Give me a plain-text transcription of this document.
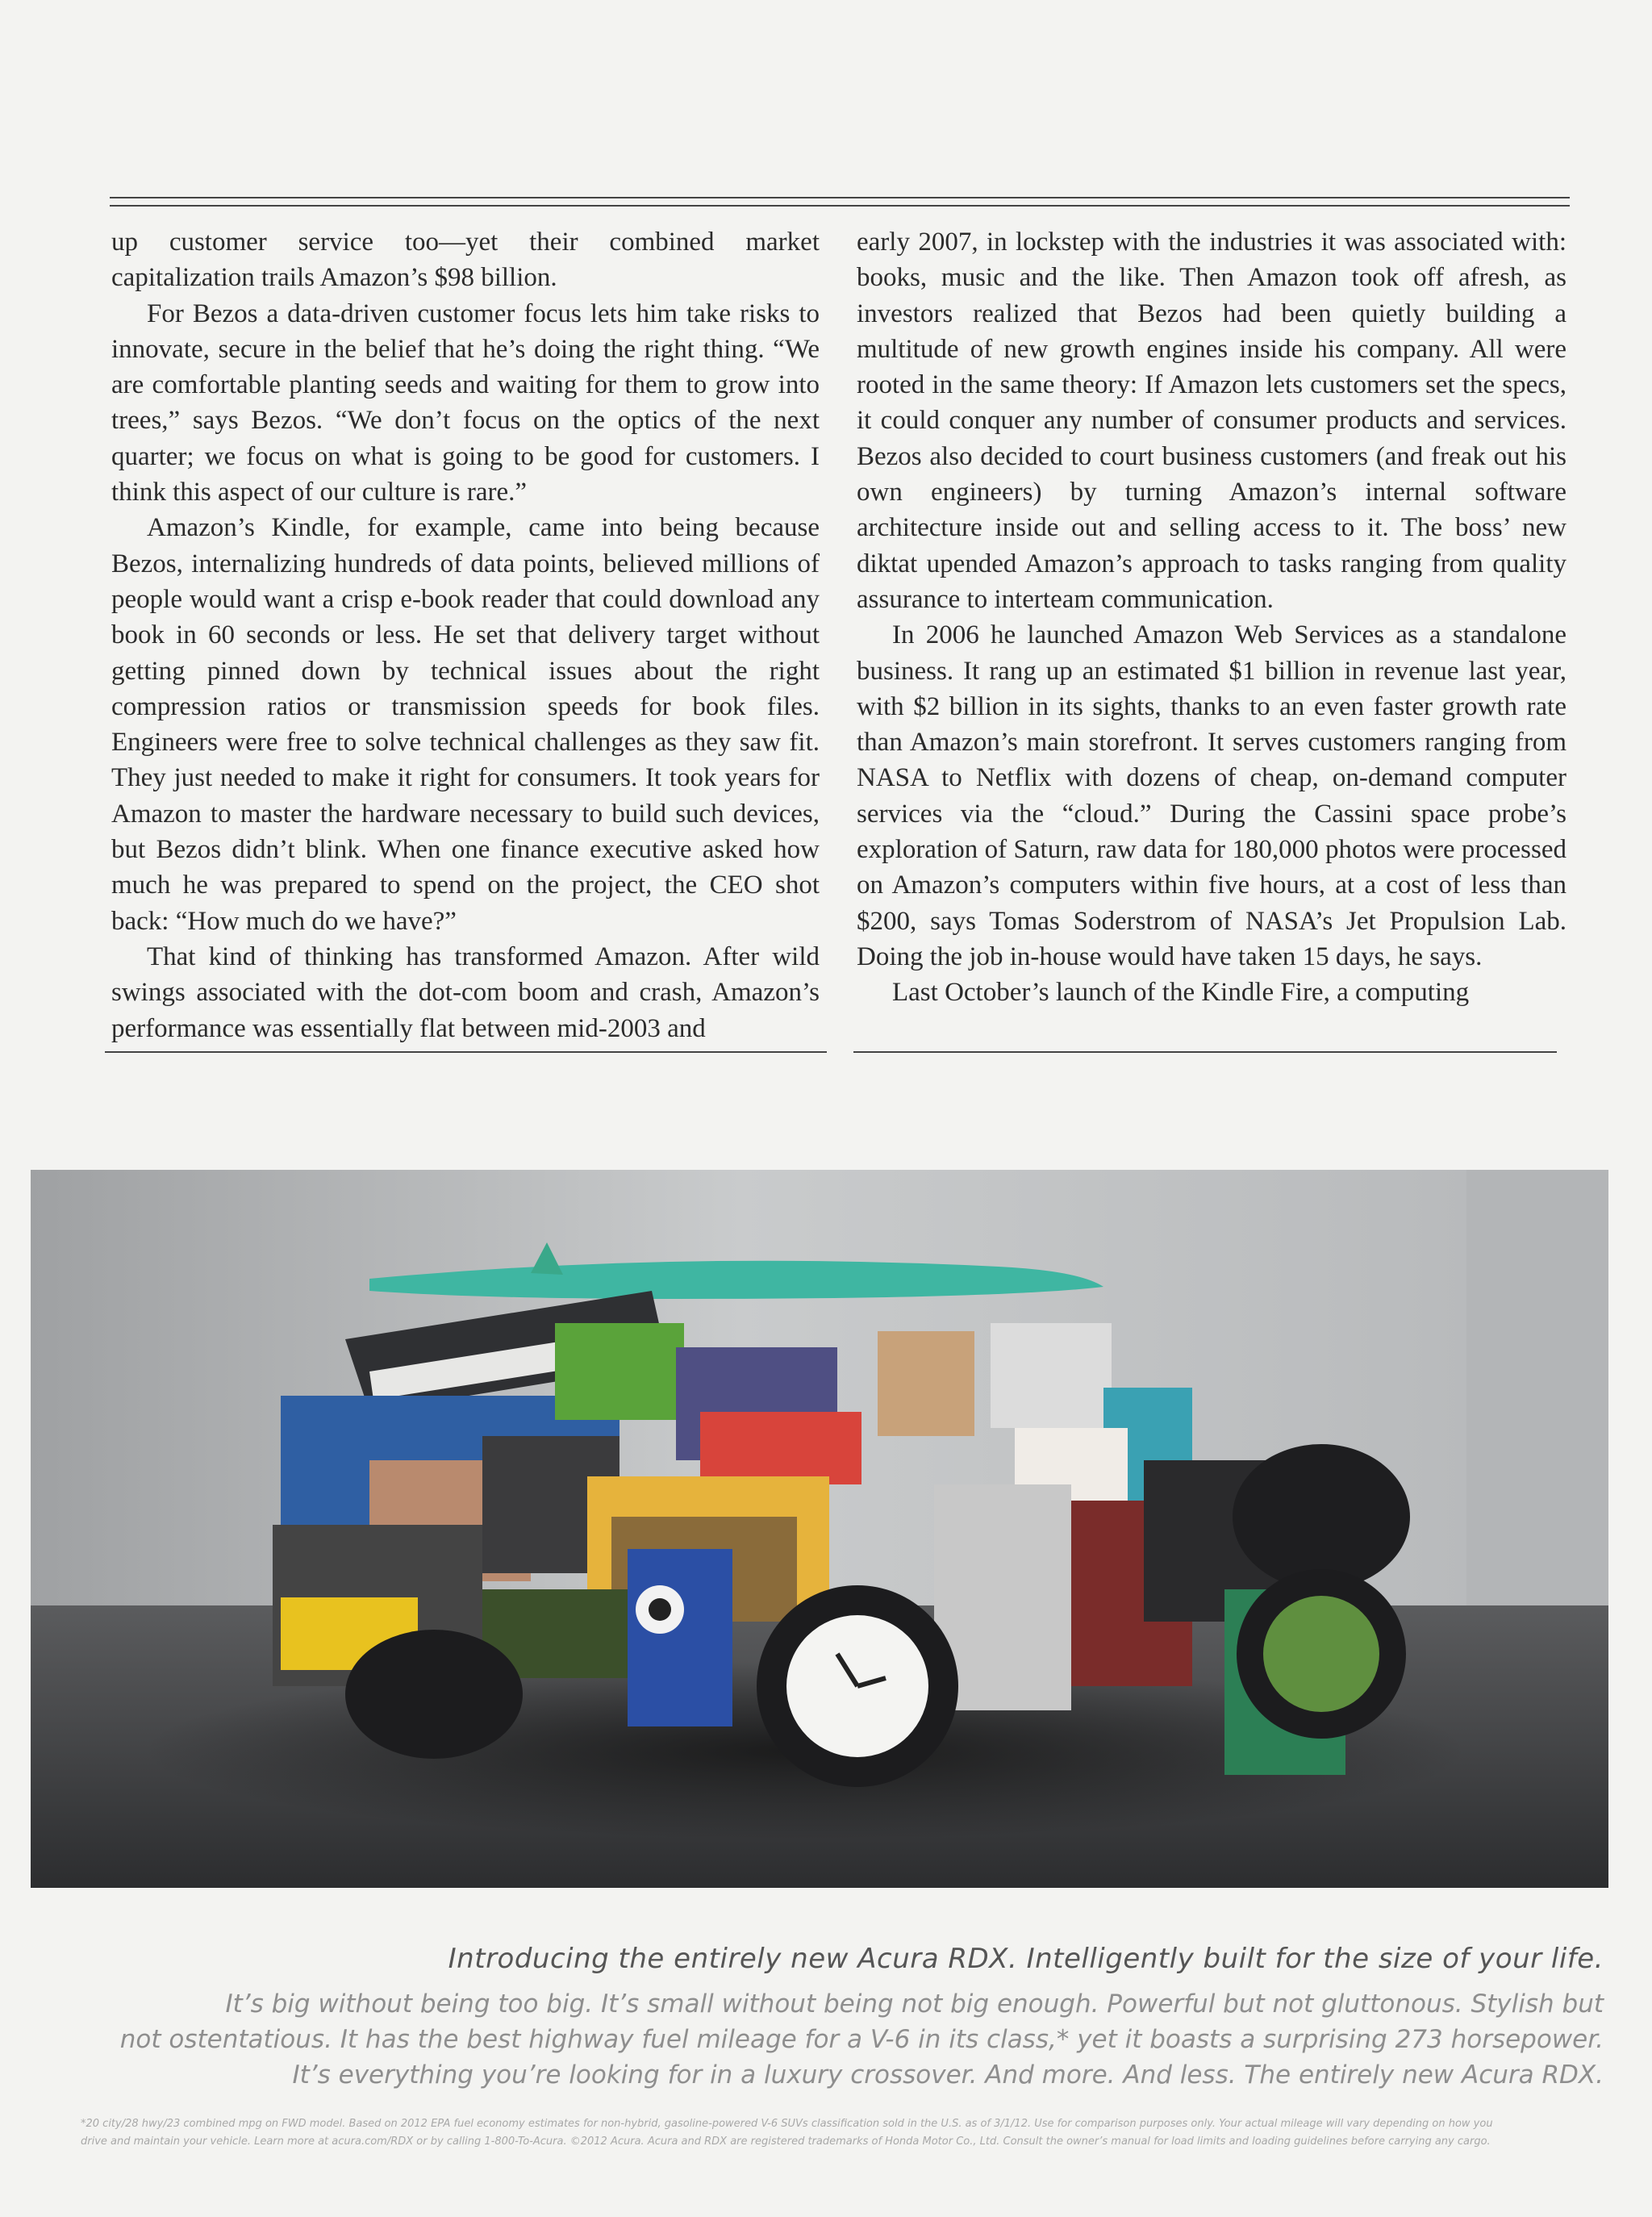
up customer service too—yet their combined market capitalization trails Amazon’s $98 billion.

For Bezos a data-driven customer focus lets him take risks to innovate, secure in the belief that he’s doing the right thing. “We are comfortable planting seeds and waiting for them to grow into trees,” says Bezos. “We don’t focus on the optics of the next quarter; we focus on what is going to be good for customers. I think this aspect of our culture is rare.”

Amazon’s Kindle, for example, came into being because Bezos, internalizing hundreds of data points, believed millions of people would want a crisp e-book reader that could download any book in 60 seconds or less. He set that delivery target without getting pinned down by technical issues about the right compression ratios or transmission speeds for book files. Engineers were free to solve technical challenges as they saw fit. They just needed to make it right for consumers. It took years for Amazon to master the hardware necessary to build such devices, but Bezos didn’t blink. When one finance executive asked how much he was prepared to spend on the project, the CEO shot back: “How much do we have?”

That kind of thinking has transformed Amazon. After wild swings associated with the dot-com boom and crash, Amazon’s performance was essentially flat between mid-2003 and

early 2007, in lockstep with the industries it was associated with: books, music and the like. Then Amazon took off afresh, as investors realized that Bezos had been quietly building a multitude of new growth engines inside his company. All were rooted in the same theory: If Amazon lets customers set the specs, it could conquer any number of consumer products and services. Bezos also decided to court business customers (and freak out his own engineers) by turning Amazon’s internal software architecture inside out and selling access to it. The boss’ new diktat upended Amazon’s approach to tasks ranging from quality assurance to interteam communication.

In 2006 he launched Amazon Web Services as a standalone business. It rang up an estimated $1 billion in revenue last year, with $2 billion in its sights, thanks to an even faster growth rate than Amazon’s main storefront. It serves customers ranging from NASA to Netflix with dozens of cheap, on-demand computer services via the “cloud.” During the Cassini space probe’s exploration of Saturn, raw data for 180,000 photos were processed on Amazon’s computers within five hours, at a cost of less than $200, says Tomas Soderstrom of NASA’s Jet Propulsion Lab. Doing the job in-house would have taken 15 days, he says.

Last October’s launch of the Kindle Fire, a computing

Introducing the entirely new Acura RDX. Intelligently built for the size of your life.
It’s big without being too big. It’s small without being not big enough. Powerful but not gluttonous. Stylish but
not ostentatious. It has the best highway fuel mileage for a V-6 in its class,* yet it boasts a surprising 273 horsepower.
It’s everything you’re looking for in a luxury crossover. And more. And less. The entirely new Acura RDX.
*20 city/28 hwy/23 combined mpg on FWD model. Based on 2012 EPA fuel economy estimates for non-hybrid, gasoline-powered V-6 SUVs classification sold in the U.S. as of 3/1/12. Use for comparison purposes only. Your actual mileage will vary depending on how you
drive and maintain your vehicle. Learn more at acura.com/RDX or by calling 1-800-To-Acura. ©2012 Acura. Acura and RDX are registered trademarks of Honda Motor Co., Ltd. Consult the owner’s manual for load limits and loading guidelines before carrying any cargo.
